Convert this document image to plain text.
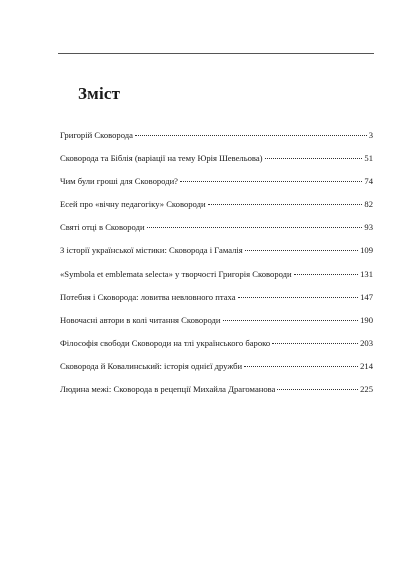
Зміст
Григорій Сковорода	3
Сковорода та Біблія (варіації на тему Юрія Шевельова)	51
Чим були гроші для Сковороди?	74
Есей про «вічну педагогіку» Сковороди	82
Святі отці в Сковороди	93
З історії української містики: Сковорода і Гамалія	109
«Symbola et emblemata selecta» у творчості Григорія Сковороди	131
Потебня і Сковорода: ловитва невловного птаха	147
Новочасні автори в колі читання Сковороди	190
Філософія свободи Сковороди на тлі українського бароко	203
Сковорода й Ковалинський: історія однієї дружби	214
Людина межі: Сковорода в рецепції Михайла Драгоманова	225
